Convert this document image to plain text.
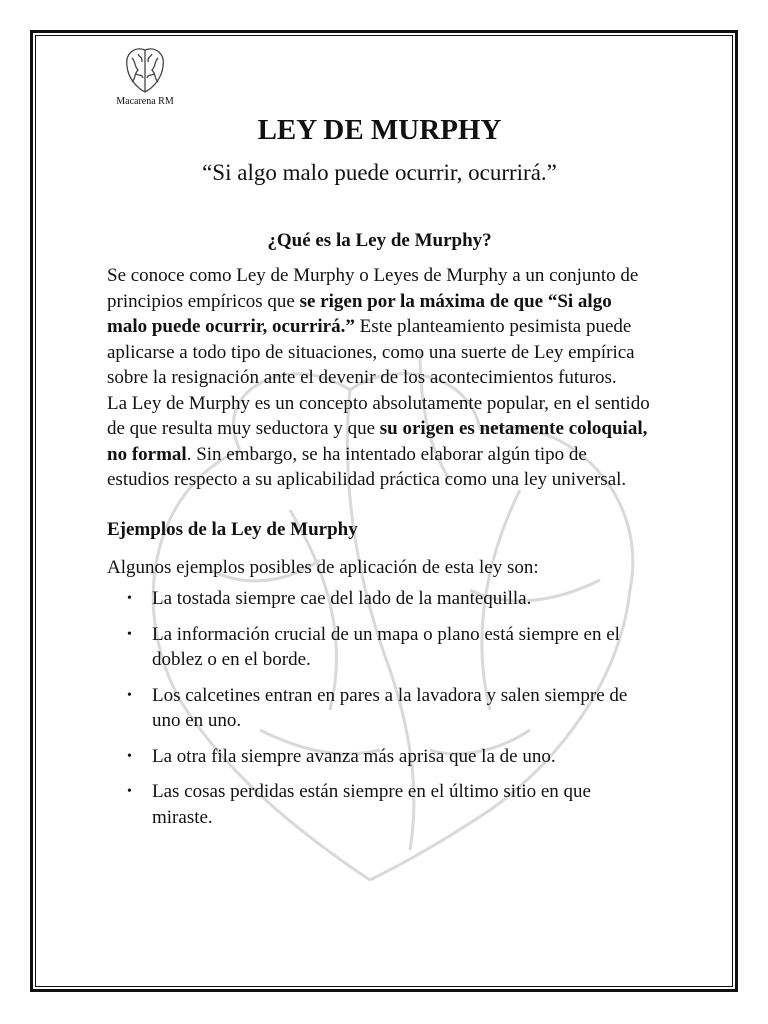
Macarena RM
LEY DE MURPHY

“Si algo malo puede ocurrir, ocurrirá.”

¿Qué es la Ley de Murphy?

Se conoce como Ley de Murphy o Leyes de Murphy a un conjunto de principios empíricos que se rigen por la máxima de que “Si algo malo puede ocurrir, ocurrirá.” Este planteamiento pesimista puede aplicarse a todo tipo de situaciones, como una suerte de Ley empírica sobre la resignación ante el devenir de los acontecimientos futuros.

La Ley de Murphy es un concepto absolutamente popular, en el sentido de que resulta muy seductora y que su origen es netamente coloquial, no formal. Sin embargo, se ha intentado elaborar algún tipo de estudios respecto a su aplicabilidad práctica como una ley universal.

Ejemplos de la Ley de Murphy

Algunos ejemplos posibles de aplicación de esta ley son:

• La tostada siempre cae del lado de la mantequilla.
• La información crucial de un mapa o plano está siempre en el doblez o en el borde.
• Los calcetines entran en pares a la lavadora y salen siempre de uno en uno.
• La otra fila siempre avanza más aprisa que la de uno.
• Las cosas perdidas están siempre en el último sitio en que miraste.
